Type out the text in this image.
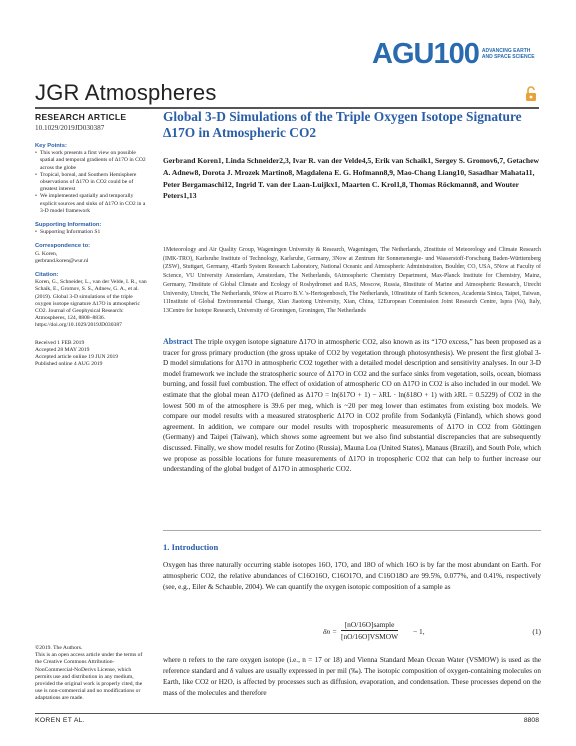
AGU 100 ADVANCING EARTH AND SPACE SCIENCE
JGR Atmospheres
RESEARCH ARTICLE
10.1029/2019JD030387
Key Points:
• This work presents a first view on possible spatial and temporal gradients of Δ17O in CO2 across the globe
• Tropical, boreal, and Southern Hemisphere observations of Δ17O in CO2 could be of greatest interest
• We implemented spatially and temporally explicit sources and sinks of Δ17O in CO2 in a 3-D model framework
Supporting Information:
• Supporting Information S1
Correspondence to:
G. Koren,
gerbrand.koren@wur.nl
Citation:
Koren, G., Schneider, L., van der Velde, I. R., van Schaik, E., Gromov, S. S., Adnew, G. A., et al. (2019). Global 3-D simulations of the triple oxygen isotope signature Δ17O in atmospheric CO2. Journal of Geophysical Research: Atmospheres, 124, 8808–8836. https://doi.org/10.1029/2019JD030387
Received 1 FEB 2019
Accepted 28 MAY 2019
Accepted article online 19 JUN 2019
Published online 4 AUG 2019
©2019. The Authors.
This is an open access article under the terms of the Creative Commons Attribution-NonCommercial-NoDerivs License, which permits use and distribution in any medium, provided the original work is properly cited, the use is non-commercial and no modifications or adaptations are made.
Global 3-D Simulations of the Triple Oxygen Isotope Signature Δ17O in Atmospheric CO2
Gerbrand Koren1, Linda Schneider2,3, Ivar R. van der Velde4,5, Erik van Schaik1, Sergey S. Gromov6,7, Getachew A. Adnew8, Dorota J. Mrozek Martino8, Magdalena E. G. Hofmann8,9, Mao-Chang Liang10, Sasadhar Mahata11, Peter Bergamaschi12, Ingrid T. van der Laan-Luijkx1, Maarten C. Krol1,8, Thomas Röckmann8, and Wouter Peters1,13
1Meteorology and Air Quality Group, Wageningen University & Research, Wageningen, The Netherlands, 2Institute of Meteorology and Climate Research (IMK-TRO), Karlsruhe Institute of Technology, Karlsruhe, Germany, 3Now at Zentrum für Sonnenenergie- und Wasserstoff-Forschung Baden-Württemberg (ZSW), Stuttgart, Germany, 4Earth System Research Laboratory, National Oceanic and Atmospheric Administration, Boulder, CO, USA, 5Now at Faculty of Science, VU University Amsterdam, Amsterdam, The Netherlands, 6Atmospheric Chemistry Department, Max-Planck Institute for Chemistry, Mainz, Germany, 7Institute of Global Climate and Ecology of Roshydromet and RAS, Moscow, Russia, 8Institute of Marine and Atmospheric Research, Utrecht University, Utrecht, The Netherlands, 9Now at Picarro B.V. 's-Hertogenbosch, The Netherlands, 10Institute of Earth Sciences, Academia Sinica, Taipei, Taiwan, 11Institute of Global Environmental Change, Xian Jiaotong University, Xian, China, 12European Commission Joint Research Centre, Ispra (Va), Italy, 13Centre for Isotope Research, University of Groningen, Groningen, The Netherlands
Abstract The triple oxygen isotope signature Δ17O in atmospheric CO2, also known as its “17O excess,” has been proposed as a tracer for gross primary production (the gross uptake of CO2 by vegetation through photosynthesis). We present the first global 3-D model simulations for Δ17O in atmospheric CO2 together with a detailed model description and sensitivity analyses. In our 3-D model framework we include the stratospheric source of Δ17O in CO2 and the surface sinks from vegetation, soils, ocean, biomass burning, and fossil fuel combustion. The effect of oxidation of atmospheric CO on Δ17O in CO2 is also included in our model. We estimate that the global mean Δ17O (defined as Δ17O = ln(δ17O + 1) − λRL · ln(δ18O + 1) with λRL = 0.5229) of CO2 in the lowest 500 m of the atmosphere is 39.6 per meg, which is ~20 per meg lower than estimates from existing box models. We compare our model results with a measured stratospheric Δ17O in CO2 profile from Sodankylä (Finland), which shows good agreement. In addition, we compare our model results with tropospheric measurements of Δ17O in CO2 from Göttingen (Germany) and Taipei (Taiwan), which shows some agreement but we also find substantial discrepancies that are subsequently discussed. Finally, we show model results for Zotino (Russia), Mauna Loa (United States), Manaus (Brazil), and South Pole, which we propose as possible locations for future measurements of Δ17O in tropospheric CO2 that can help to further increase our understanding of the global budget of Δ17O in atmospheric CO2.
1. Introduction
Oxygen has three naturally occurring stable isotopes 16O, 17O, and 18O of which 16O is by far the most abundant on Earth. For atmospheric CO2, the relative abundances of C16O16O, C16O17O, and C16O18O are 99.5%, 0.077%, and 0.41%, respectively (see, e.g., Eiler & Schauble, 2004). We can quantify the oxygen isotopic composition of a sample as
δn =
[nO/16O]sample
[nO/16O]VSMOW
− 1,	(1)
where n refers to the rare oxygen isotope (i.e., n = 17 or 18) and Vienna Standard Mean Ocean Water (VSMOW) is used as the reference standard and δ values are usually expressed in per mil (‰). The isotopic composition of oxygen-containing molecules on Earth, like CO2 or H2O, is affected by processes such as diffusion, evaporation, and condensation. These processes depend on the mass of the molecules and therefore
KOREN ET AL.	8808
